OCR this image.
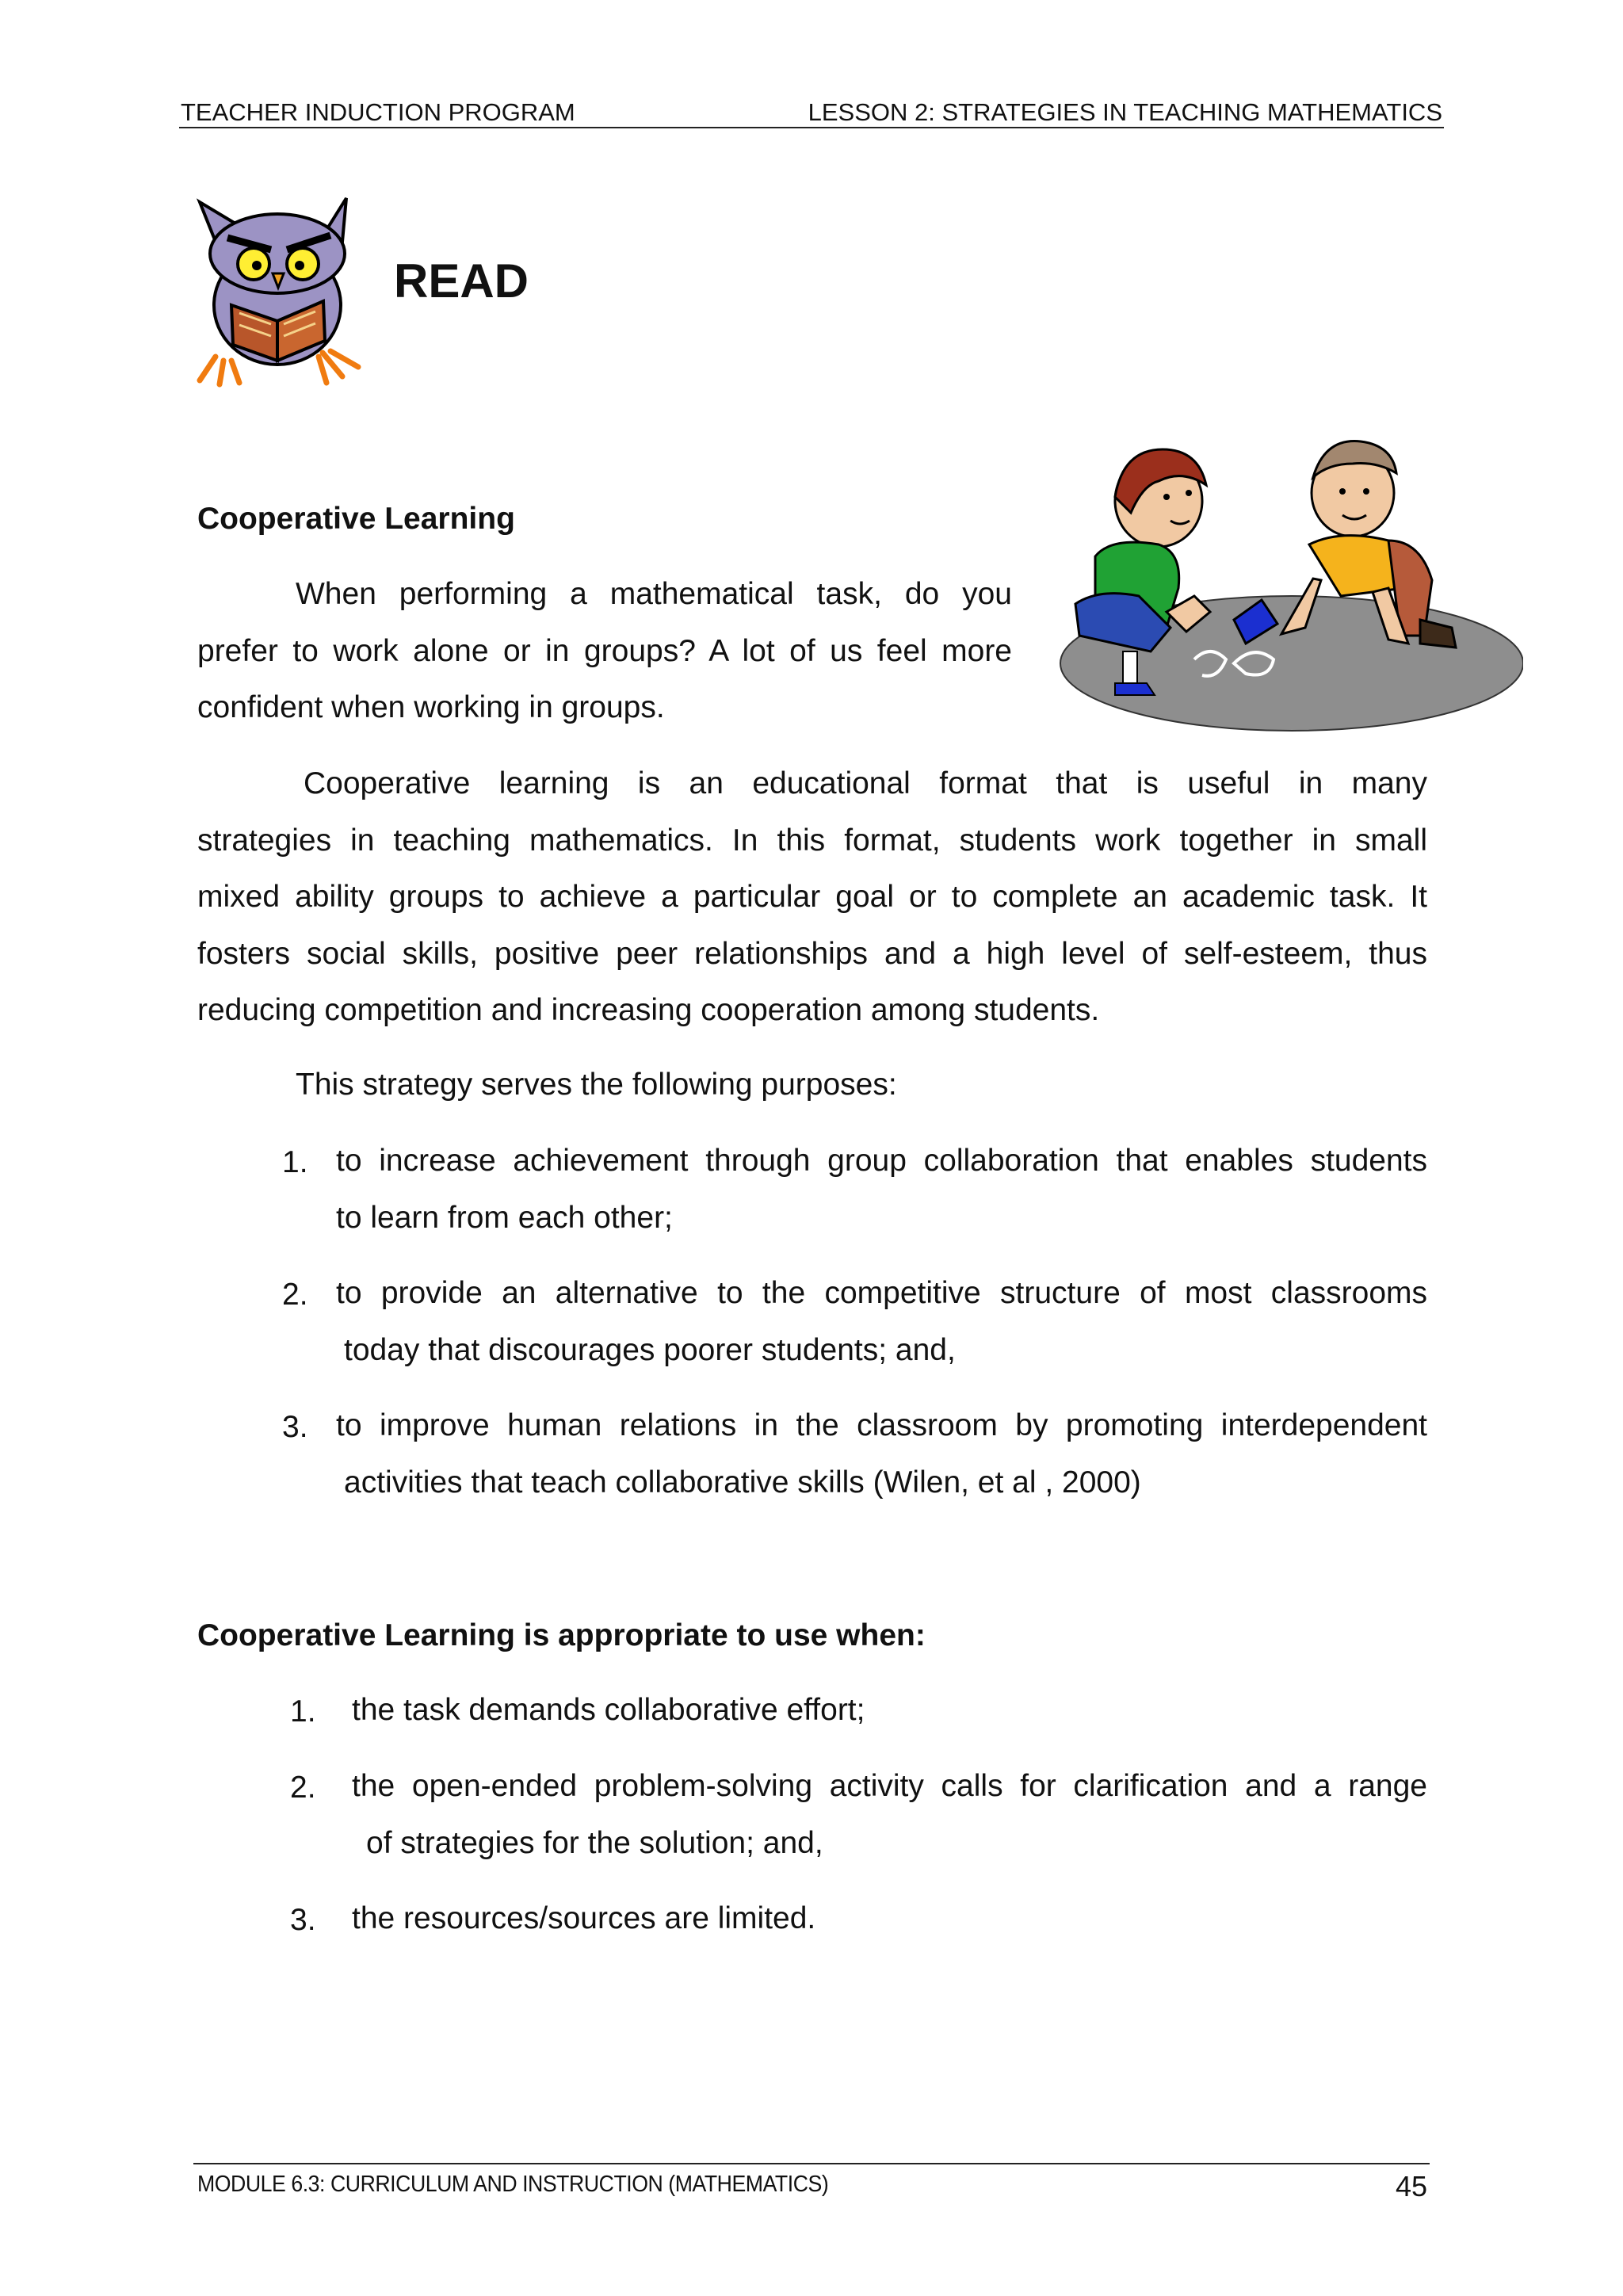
TEACHER INDUCTION PROGRAM	LESSON 2: STRATEGIES IN TEACHING MATHEMATICS
READ
Cooperative Learning
When performing a mathematical task, do you
prefer to work alone or in groups? A lot of us feel more
confident when working in groups.
Cooperative learning is an educational format that is useful in many
strategies in teaching mathematics. In this format, students work together in small
mixed ability groups to achieve a particular goal or to complete an academic task. It
fosters social skills, positive peer relationships and a high level of self-esteem, thus
reducing competition and increasing cooperation among students.
This strategy serves the following purposes:
1. to increase achievement through group collaboration that enables students
to learn from each other;
2. to provide an alternative to the competitive structure of most classrooms
today that discourages poorer students; and,
3. to improve human relations in the classroom by promoting interdependent
activities that teach collaborative skills (Wilen, et al , 2000)
Cooperative Learning is appropriate to use when:
1. the task demands collaborative effort;
2. the open-ended problem-solving activity calls for clarification and a range
of strategies for the solution; and,
3. the resources/sources are limited.
MODULE 6.3: CURRICULUM AND INSTRUCTION (MATHEMATICS)	45
